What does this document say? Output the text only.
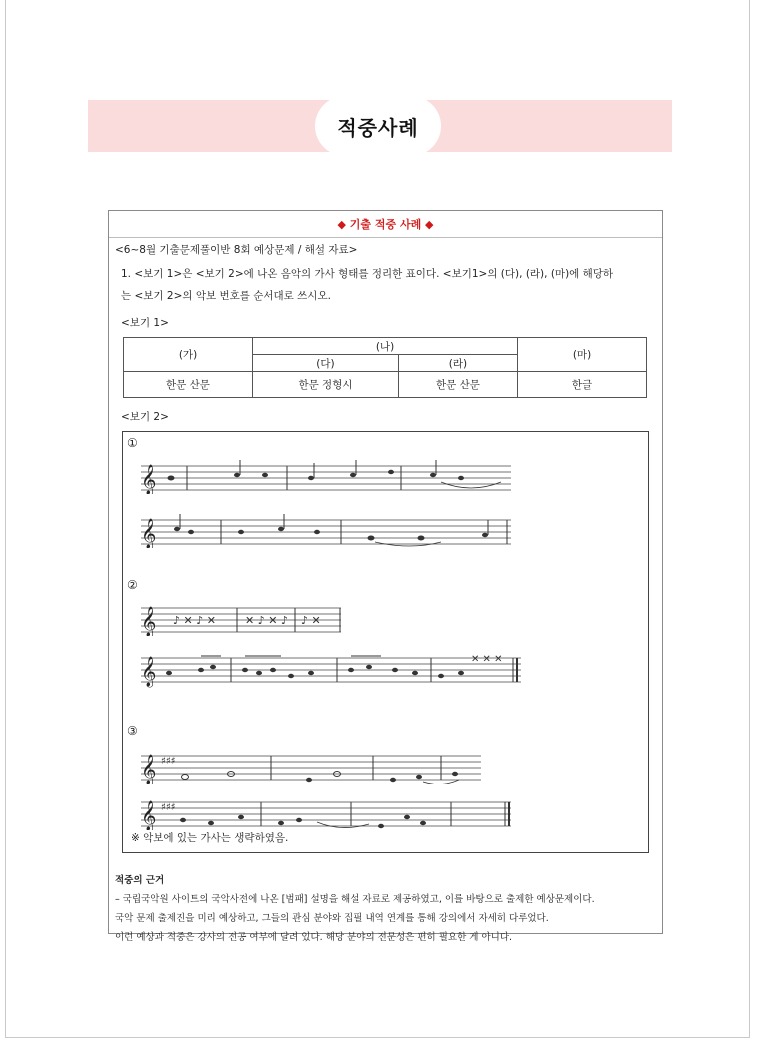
적중사례
◆ 기출 적중 사례 ◆
<6~8월 기출문제풀이반 8회 예상문제 / 해설 자료>
1. <보기 1>은 <보기 2>에 나온 음악의 가사 형태를 정리한 표이다. <보기1>의 (다), (라), (마)에 해당하
는 <보기 2>의 악보 번호를 순서대로 쓰시오.
<보기 1>
(가)	(나)		(마)
	(다)	(라)	
한문 산문	한문 정형시	한문 산문	한글
<보기 2>
①
②
③
𝄞
𝄞
𝄞 ♪ ✕ ♪ ✕	✕ ♪ ✕ ♪ ♪ ✕
𝄞	✕ ✕ ✕
𝄞 ♯♯♯
𝄞 ♯♯♯
※ 악보에 있는 가사는 생략하였음.
적중의 근거
– 국립국악원 사이트의 국악사전에 나온 [범패] 설명을 해설 자료로 제공하였고, 이를 바탕으로 출제한 예상문제이다.
국악 문제 출제진을 미리 예상하고, 그들의 관심 분야와 집필 내역 연계를 통해 강의에서 자세히 다루었다.
이런 예상과 적중은 강사의 전공 여부에 달려 있다. 해당 분야의 전문성은 편히 필요한 게 아니다.
